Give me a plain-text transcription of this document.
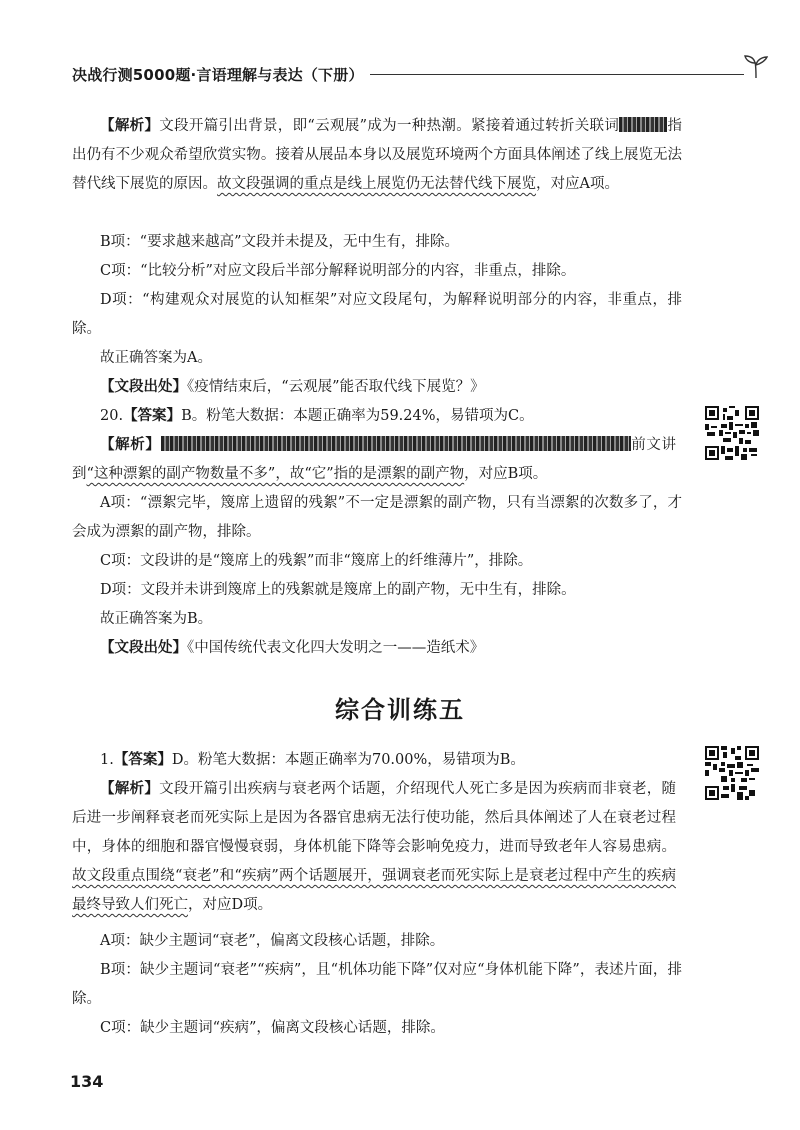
决战行测5000题·言语理解与表达（下册）

【解析】文段开篇引出背景，即“云观展”成为一种热潮。紧接着通过转折关联词	指出仍有不少观众希望欣赏实物。接着从展品本身以及展览环境两个方面具体阐述了线上展览无法替代线下展览的原因。故文段强调的重点是线上展览仍无法替代线下展览，对应A项。

B项：“要求越来越高”文段并未提及，无中生有，排除。

C项：“比较分析”对应文段后半部分解释说明部分的内容，非重点，排除。

D项：“构建观众对展览的认知框架”对应文段尾句，为解释说明部分的内容，非重点，排除。

故正确答案为A。

【文段出处】《疫情结束后，“云观展”能否取代线下展览？》

20.【答案】B。粉笔大数据：本题正确率为59.24%，易错项为C。

【解析】	前文讲到“这种漂絮的副产物数量不多”，故“它”指的是漂絮的副产物，对应B项。

A项：“漂絮完毕，篾席上遗留的残絮”不一定是漂絮的副产物，只有当漂絮的次数多了，才会成为漂絮的副产物，排除。

C项：文段讲的是“篾席上的残絮”而非“篾席上的纤维薄片”，排除。

D项：文段并未讲到篾席上的残絮就是篾席上的副产物，无中生有，排除。

故正确答案为B。

【文段出处】《中国传统代表文化四大发明之一——造纸术》

综合训练五

1.【答案】D。粉笔大数据：本题正确率为70.00%，易错项为B。

【解析】文段开篇引出疾病与衰老两个话题，介绍现代人死亡多是因为疾病而非衰老，随后进一步阐释衰老而死实际上是因为各器官患病无法行使功能，然后具体阐述了人在衰老过程中，身体的细胞和器官慢慢衰弱，身体机能下降等会影响免疫力，进而导致老年人容易患病。故文段重点围绕“衰老”和“疾病”两个话题展开，强调衰老而死实际上是衰老过程中产生的疾病最终导致人们死亡，对应D项。

A项：缺少主题词“衰老”，偏离文段核心话题，排除。

B项：缺少主题词“衰老”“疾病”，且“机体功能下降”仅对应“身体机能下降”，表述片面，排除。

C项：缺少主题词“疾病”，偏离文段核心话题，排除。

134
